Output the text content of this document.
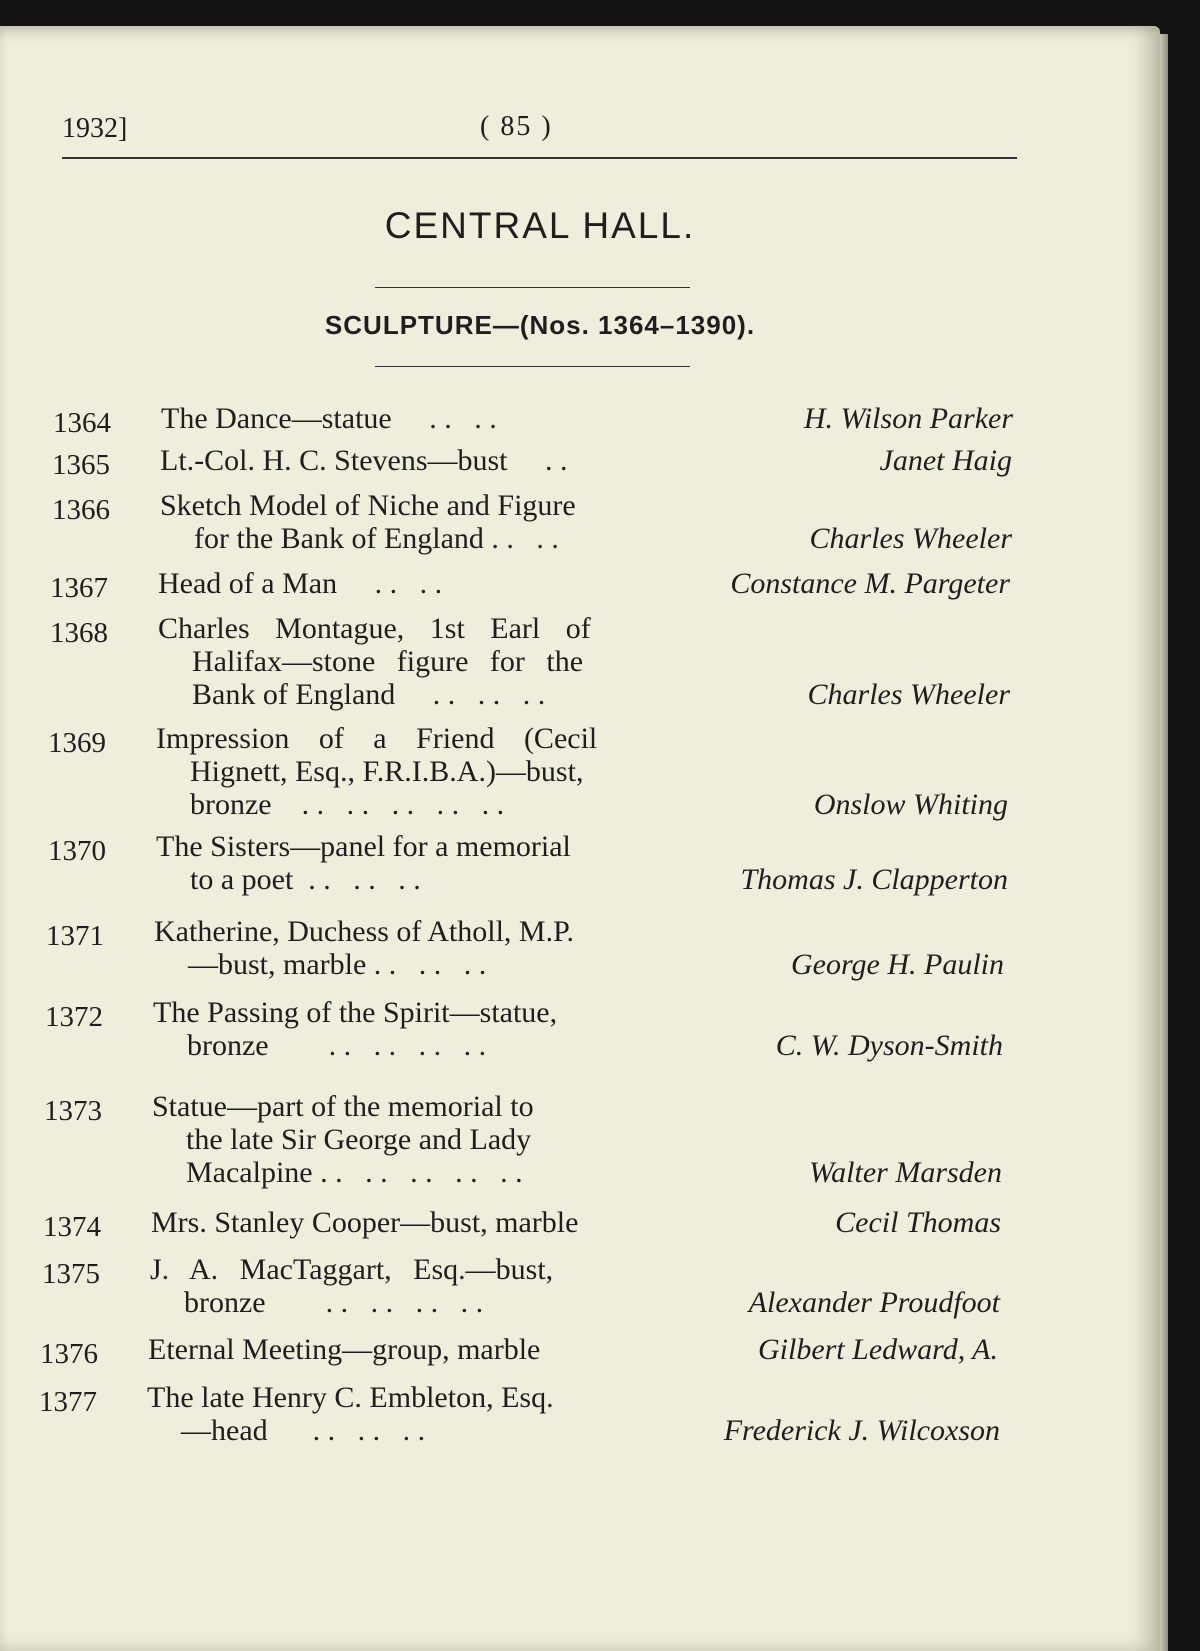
1932]	( 85 )
CENTRAL HALL.
SCULPTURE—(Nos. 1364–1390).
1364 The Dance—statue     . .   . .	H. Wilson Parker
1365 Lt.-Col. H. C. Stevens—bust     . .	Janet Haig
1366 Sketch Model of Niche and Figure
for the Bank of England . .   . .	Charles Wheeler
1367 Head of a Man     . .   . .	Constance M. Pargeter
1368 Charles Montague, 1st Earl of
Halifax—stone figure for the
Bank of England     . .   . .   . .	Charles Wheeler
1369 Impression of a Friend (Cecil
Hignett, Esq., F.R.I.B.A.)—bust,
bronze    . .   . .   . .   . .   . .	Onslow Whiting
1370 The Sisters—panel for a memorial
to a poet  . .   . .   . .	Thomas J. Clapperton
1371 Katherine, Duchess of Atholl, M.P.
—bust, marble . .   . .   . .	George H. Paulin
1372 The Passing of the Spirit—statue,
bronze        . .   . .   . .   . .	C. W. Dyson-Smith
1373 Statue—part of the memorial to
the late Sir George and Lady
Macalpine . .   . .   . .   . .   . .	Walter Marsden
1374 Mrs. Stanley Cooper—bust, marble	Cecil Thomas
1375 J. A. MacTaggart, Esq.—bust,
bronze        . .   . .   . .   . .	Alexander Proudfoot
1376 Eternal Meeting—group, marble	Gilbert Ledward, A.
1377 The late Henry C. Embleton, Esq.
—head      . .   . .   . .	Frederick J. Wilcoxson
